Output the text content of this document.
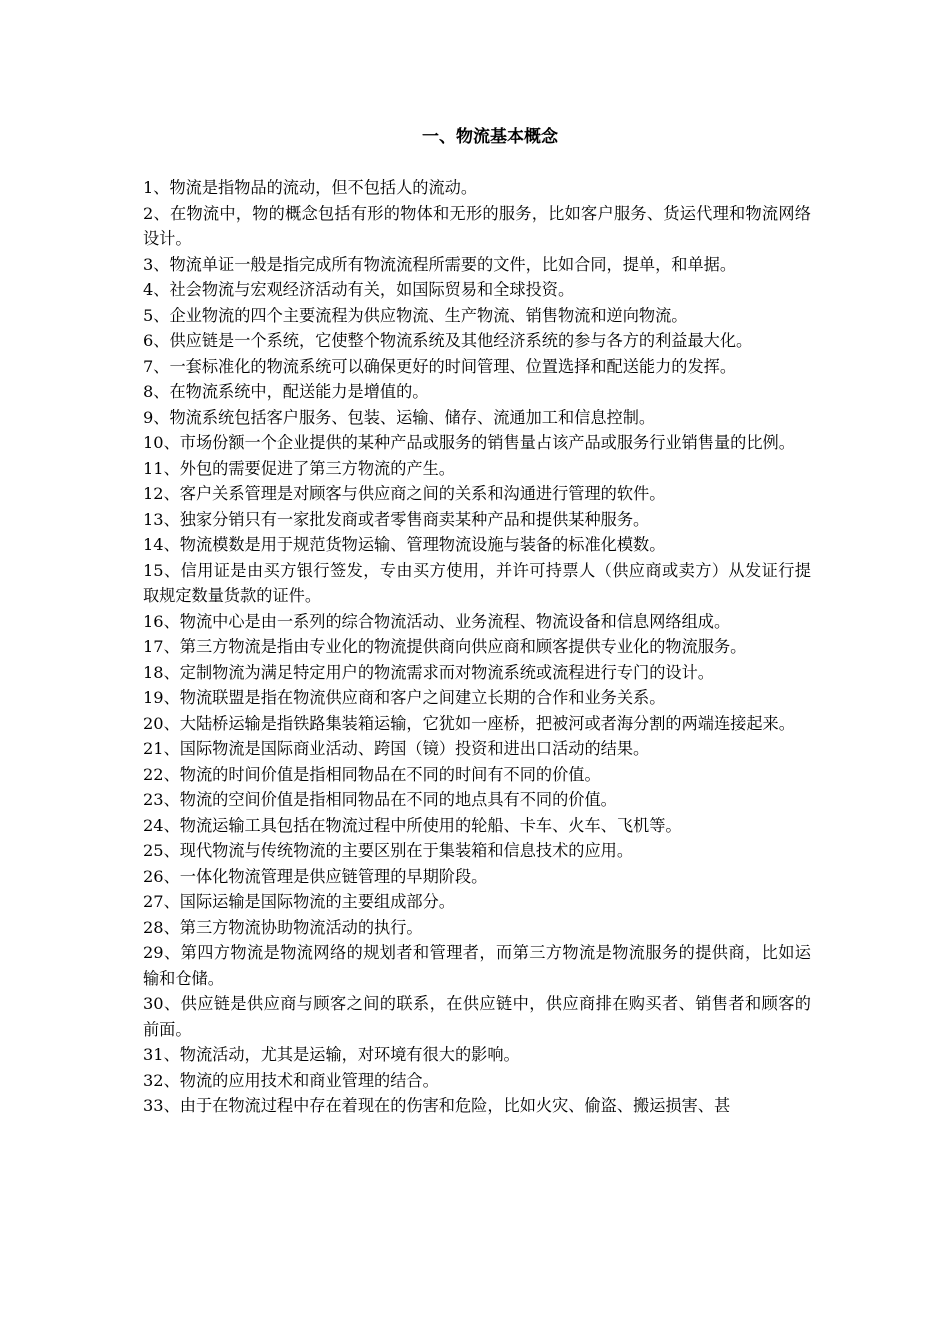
一、物流基本概念

1、物流是指物品的流动，但不包括人的流动。

2、在物流中，物的概念包括有形的物体和无形的服务，比如客户服务、货运代理和物流网络设计。

3、物流单证一般是指完成所有物流流程所需要的文件，比如合同，提单，和单据。

4、社会物流与宏观经济活动有关，如国际贸易和全球投资。

5、企业物流的四个主要流程为供应物流、生产物流、销售物流和逆向物流。

6、供应链是一个系统，它使整个物流系统及其他经济系统的参与各方的利益最大化。

7、一套标准化的物流系统可以确保更好的时间管理、位置选择和配送能力的发挥。

8、在物流系统中，配送能力是增值的。

9、物流系统包括客户服务、包装、运输、储存、流通加工和信息控制。

10、市场份额一个企业提供的某种产品或服务的销售量占该产品或服务行业销售量的比例。

11、外包的需要促进了第三方物流的产生。

12、客户关系管理是对顾客与供应商之间的关系和沟通进行管理的软件。

13、独家分销只有一家批发商或者零售商卖某种产品和提供某种服务。

14、物流模数是用于规范货物运输、管理物流设施与装备的标准化模数。

15、信用证是由买方银行签发，专由买方使用，并许可持票人（供应商或卖方）从发证行提取规定数量货款的证件。

16、物流中心是由一系列的综合物流活动、业务流程、物流设备和信息网络组成。

17、第三方物流是指由专业化的物流提供商向供应商和顾客提供专业化的物流服务。

18、定制物流为满足特定用户的物流需求而对物流系统或流程进行专门的设计。

19、物流联盟是指在物流供应商和客户之间建立长期的合作和业务关系。

20、大陆桥运输是指铁路集装箱运输，它犹如一座桥，把被河或者海分割的两端连接起来。

21、国际物流是国际商业活动、跨国（镜）投资和进出口活动的结果。

22、物流的时间价值是指相同物品在不同的时间有不同的价值。

23、物流的空间价值是指相同物品在不同的地点具有不同的价值。

24、物流运输工具包括在物流过程中所使用的轮船、卡车、火车、飞机等。

25、现代物流与传统物流的主要区别在于集装箱和信息技术的应用。

26、一体化物流管理是供应链管理的早期阶段。

27、国际运输是国际物流的主要组成部分。

28、第三方物流协助物流活动的执行。

29、第四方物流是物流网络的规划者和管理者，而第三方物流是物流服务的提供商，比如运输和仓储。

30、供应链是供应商与顾客之间的联系，在供应链中，供应商排在购买者、销售者和顾客的前面。

31、物流活动，尤其是运输，对环境有很大的影响。

32、物流的应用技术和商业管理的结合。

33、由于在物流过程中存在着现在的伤害和危险，比如火灾、偷盗、搬运损害、甚
